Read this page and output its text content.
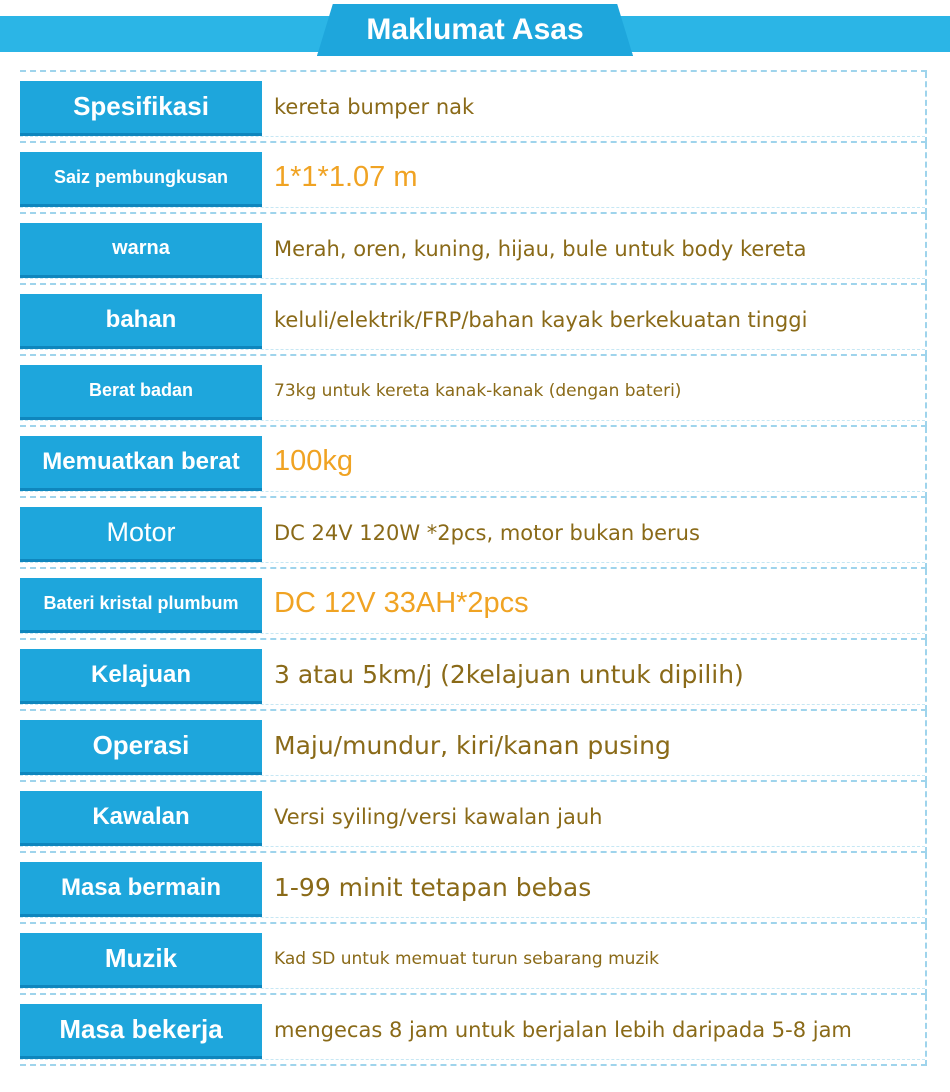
Maklumat Asas
Spesifikasi	kereta bumper nak
Saiz pembungkusan	1*1*1.07 m
warna	Merah, oren, kuning, hijau, bule untuk body kereta
bahan	keluli/elektrik/FRP/bahan kayak berkekuatan tinggi
Berat badan	73kg untuk kereta kanak-kanak (dengan bateri)
Memuatkan berat	100kg
Motor	DC 24V 120W *2pcs, motor bukan berus
Bateri kristal plumbum	DC 12V 33AH*2pcs
Kelajuan	3 atau 5km/j (2kelajuan untuk dipilih)
Operasi	Maju/mundur, kiri/kanan pusing
Kawalan	Versi syiling/versi kawalan jauh
Masa bermain	1-99 minit tetapan bebas
Muzik	Kad SD untuk memuat turun sebarang muzik
Masa bekerja	mengecas 8 jam untuk berjalan lebih daripada 5-8 jam
